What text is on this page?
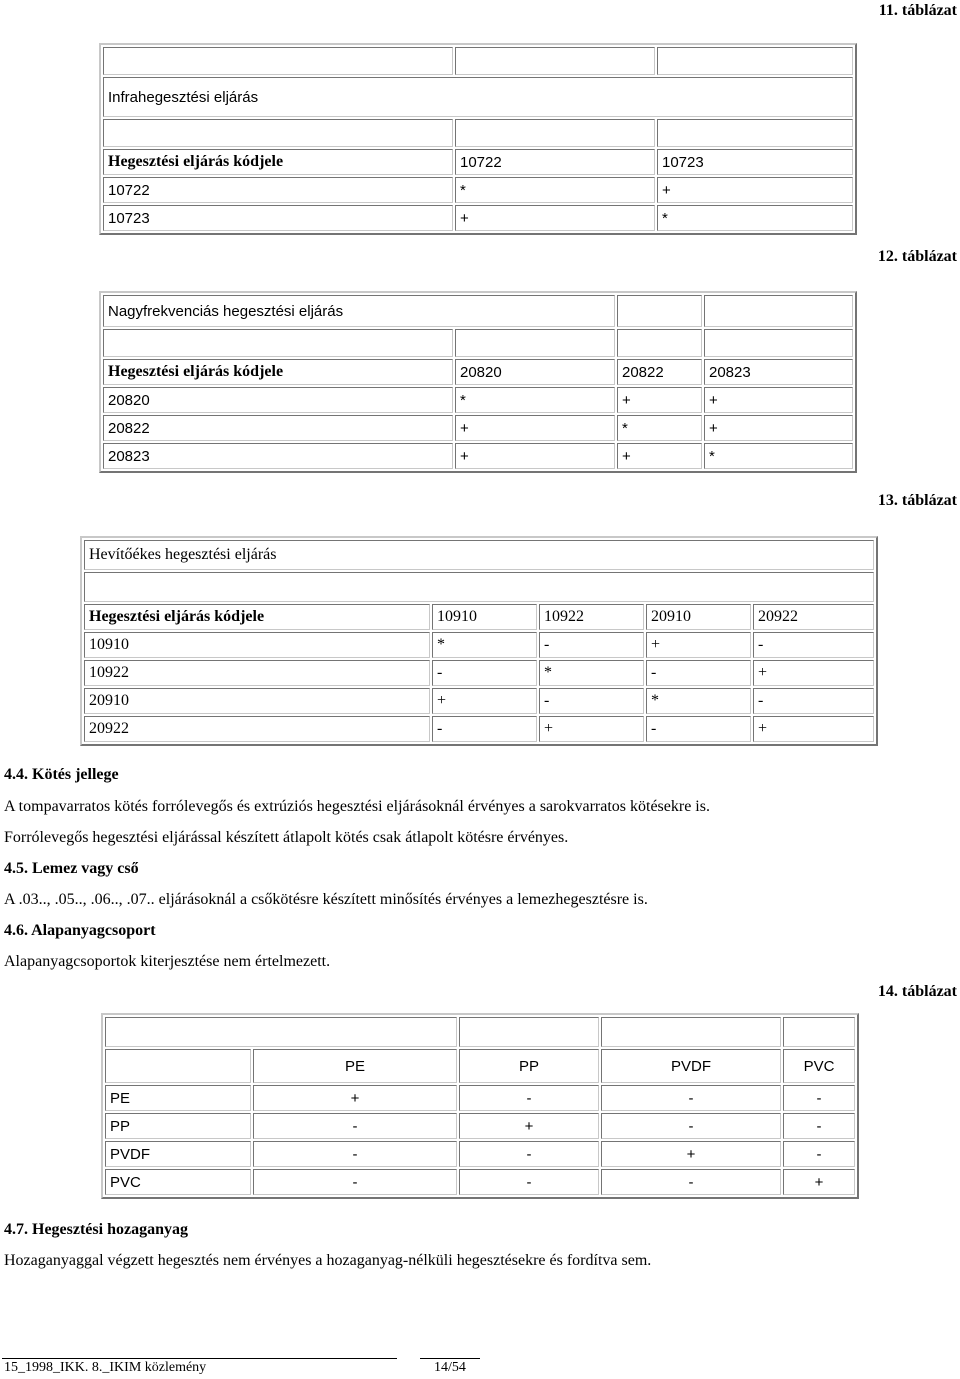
11. táblázat

Infrahegesztési eljárás		

Hegesztési eljárás kódjele	10722	10723
10722	*	+
10723	+	*
12. táblázat
Nagyfrekvenciás hegesztési eljárás			

Hegesztési eljárás kódjele	20820	20822	20823
20820	*	+	+
20822	+	*	+
20823	+	+	*
13. táblázat
Hevítőékes hegesztési eljárás				

Hegesztési eljárás kódjele	10910	10922	20910	20922
10910	*	-	+	-
10922	-	*	-	+
20910	+	-	*	-
20922	-	+	-	+
4.4. Kötés jellege

A tompavarratos kötés forrólevegős és extrúziós hegesztési eljárásoknál érvényes a sarokvarratos kötésekre is.

Forrólevegős hegesztési eljárással készített átlapolt kötés csak átlapolt kötésre érvényes.

4.5. Lemez vagy cső

A .03.., .05.., .06.., .07.. eljárásoknál a csőkötésre készített minősítés érvényes a lemezhegesztésre is.

4.6. Alapanyagcsoport

Alapanyagcsoportok kiterjesztése nem értelmezett.

14. táblázat

	PE	PP	PVDF	PVC
PE	+	-	-	-
PP	-	+	-	-
PVDF	-	-	+	-
PVC	-	-	-	+
4.7. Hegesztési hozaganyag

Hozaganyaggal végzett hegesztés nem érvényes a hozaganyag-nélküli hegesztésekre és fordítva sem.

15_1998_IKK. 8._IKIM közlemény	14/54
